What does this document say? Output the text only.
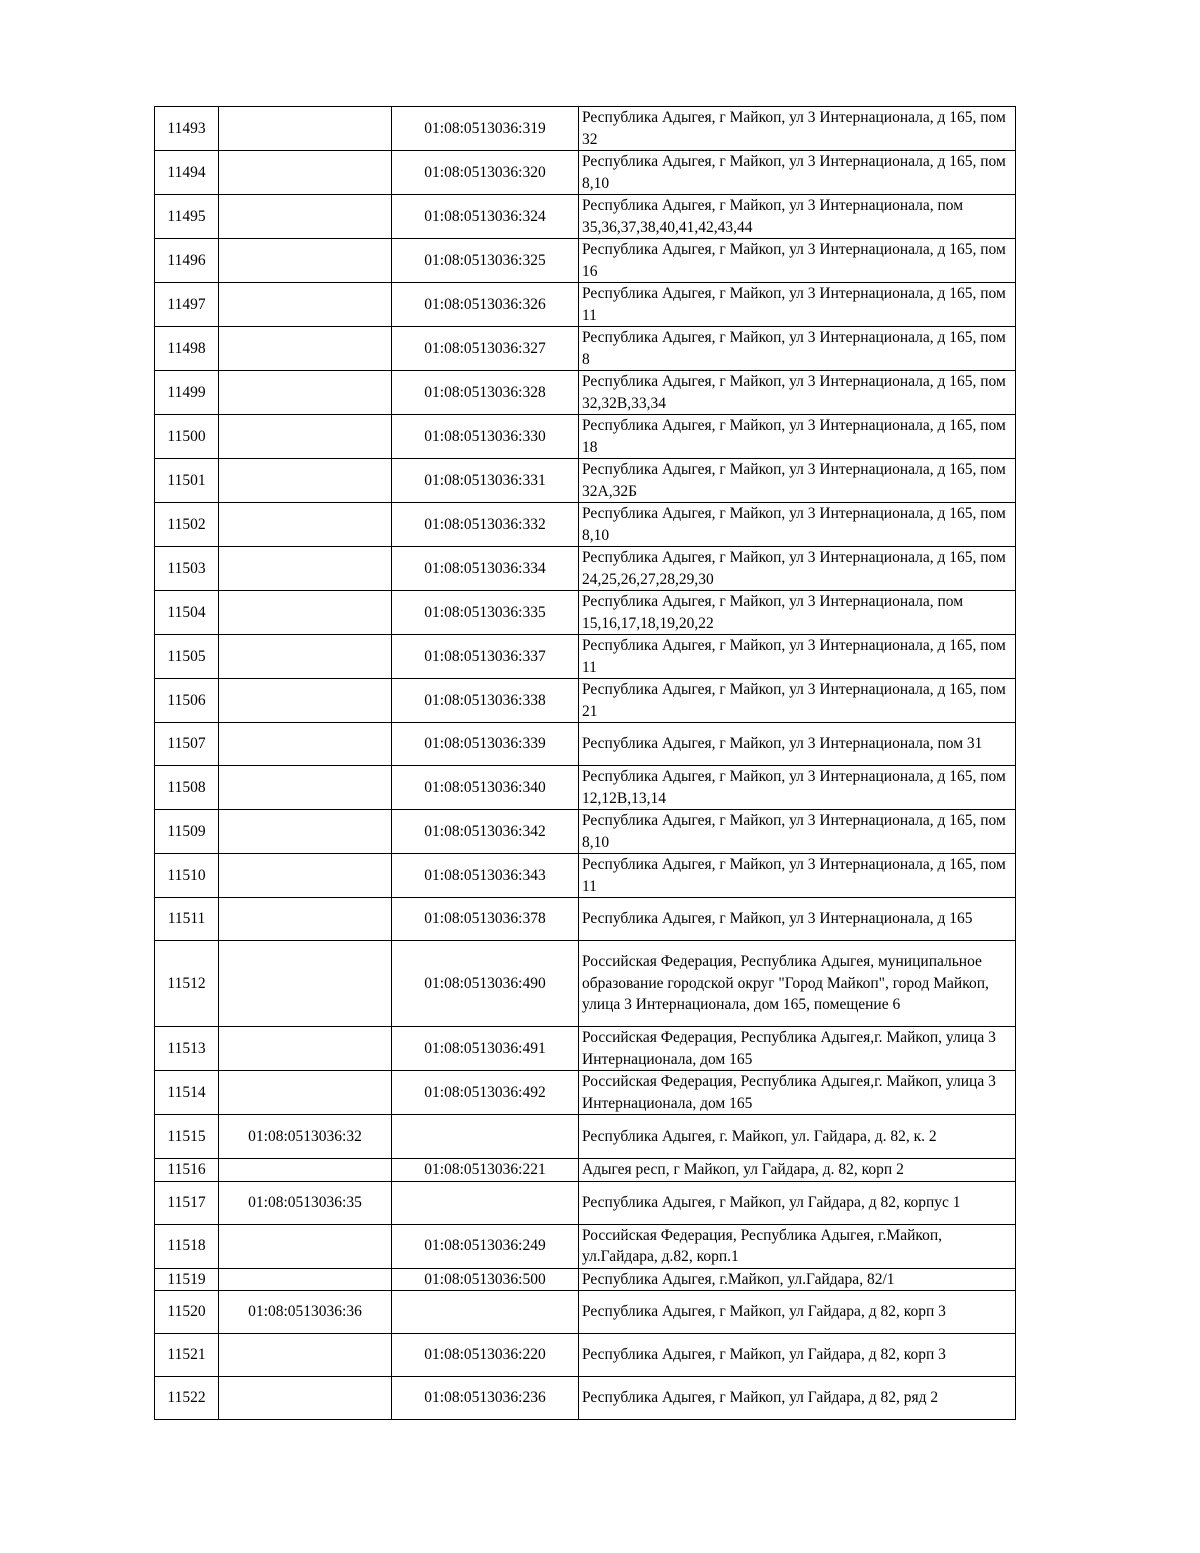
11493		01:08:0513036:319	Республика Адыгея, г Майкоп, ул 3 Интернационала, д 165, пом 32
11494		01:08:0513036:320	Республика Адыгея, г Майкоп, ул 3 Интернационала, д 165, пом 8,10
11495		01:08:0513036:324	Республика Адыгея, г Майкоп, ул 3 Интернационала, пом 35,36,37,38,40,41,42,43,44
11496		01:08:0513036:325	Республика Адыгея, г Майкоп, ул 3 Интернационала, д 165, пом 16
11497		01:08:0513036:326	Республика Адыгея, г Майкоп, ул 3 Интернационала, д 165, пом 11
11498		01:08:0513036:327	Республика Адыгея, г Майкоп, ул 3 Интернационала, д 165, пом 8
11499		01:08:0513036:328	Республика Адыгея, г Майкоп, ул 3 Интернационала, д 165, пом 32,32В,33,34
11500		01:08:0513036:330	Республика Адыгея, г Майкоп, ул 3 Интернационала, д 165, пом 18
11501		01:08:0513036:331	Республика Адыгея, г Майкоп, ул 3 Интернационала, д 165, пом 32А,32Б
11502		01:08:0513036:332	Республика Адыгея, г Майкоп, ул 3 Интернационала, д 165, пом 8,10
11503		01:08:0513036:334	Республика Адыгея, г Майкоп, ул 3 Интернационала, д 165, пом 24,25,26,27,28,29,30
11504		01:08:0513036:335	Республика Адыгея, г Майкоп, ул 3 Интернационала, пом 15,16,17,18,19,20,22
11505		01:08:0513036:337	Республика Адыгея, г Майкоп, ул 3 Интернационала, д 165, пом 11
11506		01:08:0513036:338	Республика Адыгея, г Майкоп, ул 3 Интернационала, д 165, пом 21
11507		01:08:0513036:339	Республика Адыгея, г Майкоп, ул 3 Интернационала, пом 31
11508		01:08:0513036:340	Республика Адыгея, г Майкоп, ул 3 Интернационала, д 165, пом 12,12В,13,14
11509		01:08:0513036:342	Республика Адыгея, г Майкоп, ул 3 Интернационала, д 165, пом 8,10
11510		01:08:0513036:343	Республика Адыгея, г Майкоп, ул 3 Интернационала, д 165, пом 11
11511		01:08:0513036:378	Республика Адыгея, г Майкоп, ул 3 Интернационала, д 165
11512		01:08:0513036:490	Российская Федерация, Республика Адыгея, муниципальное образование городской округ "Город Майкоп", город Майкоп, улица 3 Интернационала, дом 165, помещение 6
11513		01:08:0513036:491	Российская Федерация, Республика Адыгея,г. Майкоп, улица 3 Интернационала, дом 165
11514		01:08:0513036:492	Российская Федерация, Республика Адыгея,г. Майкоп, улица 3 Интернационала, дом 165
11515	01:08:0513036:32		Республика Адыгея, г. Майкоп, ул. Гайдара, д. 82, к. 2
11516		01:08:0513036:221	Адыгея респ, г Майкоп, ул Гайдара, д. 82, корп 2
11517	01:08:0513036:35		Республика Адыгея, г Майкоп, ул Гайдара, д 82, корпус 1
11518		01:08:0513036:249	Российская Федерация, Республика Адыгея, г.Майкоп, ул.Гайдара, д.82, корп.1
11519		01:08:0513036:500	Республика Адыгея, г.Майкоп, ул.Гайдара, 82/1
11520	01:08:0513036:36		Республика Адыгея, г Майкоп, ул Гайдара, д 82, корп 3
11521		01:08:0513036:220	Республика Адыгея, г Майкоп, ул Гайдара, д 82, корп 3
11522		01:08:0513036:236	Республика Адыгея, г Майкоп, ул Гайдара, д 82, ряд 2
